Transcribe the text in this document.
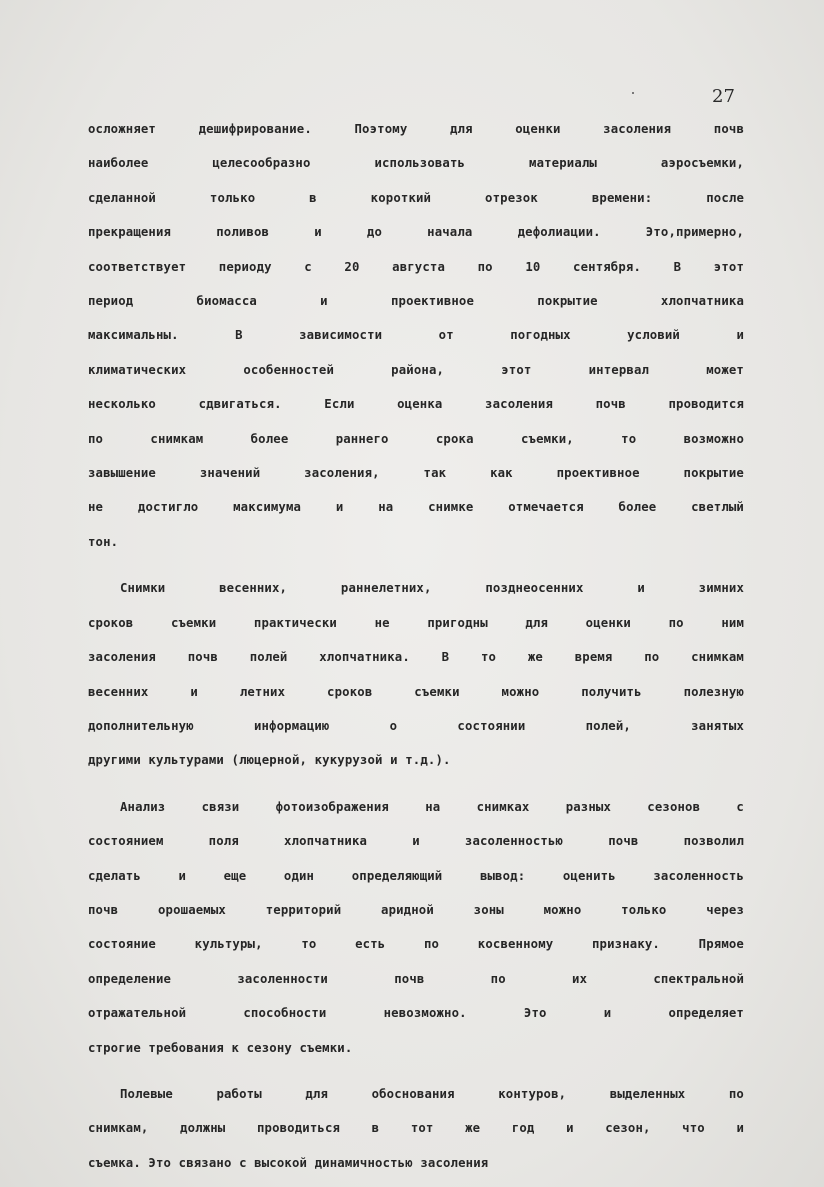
27

осложняет дешифрирование. Поэтому для оценки засоления почв
наиболее целесообразно использовать материалы аэросъемки,
сделанной только в короткий отрезок времени: после
прекращения поливов и до начала дефолиации. Это,примерно,
соответствует периоду с 20 августа по 10 сентября. В этот
период биомасса и проективное покрытие хлопчатника
максимальны. В зависимости от погодных условий и
климатических особенностей района, этот интервал может
несколько сдвигаться. Если оценка засоления почв проводится
по снимкам более раннего срока съемки, то возможно
завышение значений засоления, так как проективное покрытие
не достигло максимума и на снимке отмечается более светлый
тон.

Снимки весенних, раннелетних, позднеосенних и зимних
сроков съемки практически не пригодны для оценки по ним
засоления почв полей хлопчатника. В то же время по снимкам
весенних и летних сроков съемки можно получить полезную
дополнительную информацию о состоянии полей, занятых
другими культурами (люцерной, кукурузой и т.д.).

Анализ связи фотоизображения на снимках разных сезонов с
состоянием поля хлопчатника и засоленностью почв позволил
сделать и еще один определяющий вывод: оценить засоленность
почв орошаемых территорий аридной зоны можно только через
состояние культуры, то есть по косвенному признаку. Прямое
определение засоленности почв по их спектральной
отражательной способности невозможно. Это и определяет
строгие требования к сезону съемки.

Полевые работы для обоснования контуров, выделенных по
снимкам, должны проводиться в тот же год и сезон, что и
съемка. Это связано с высокой динамичностью засоления
